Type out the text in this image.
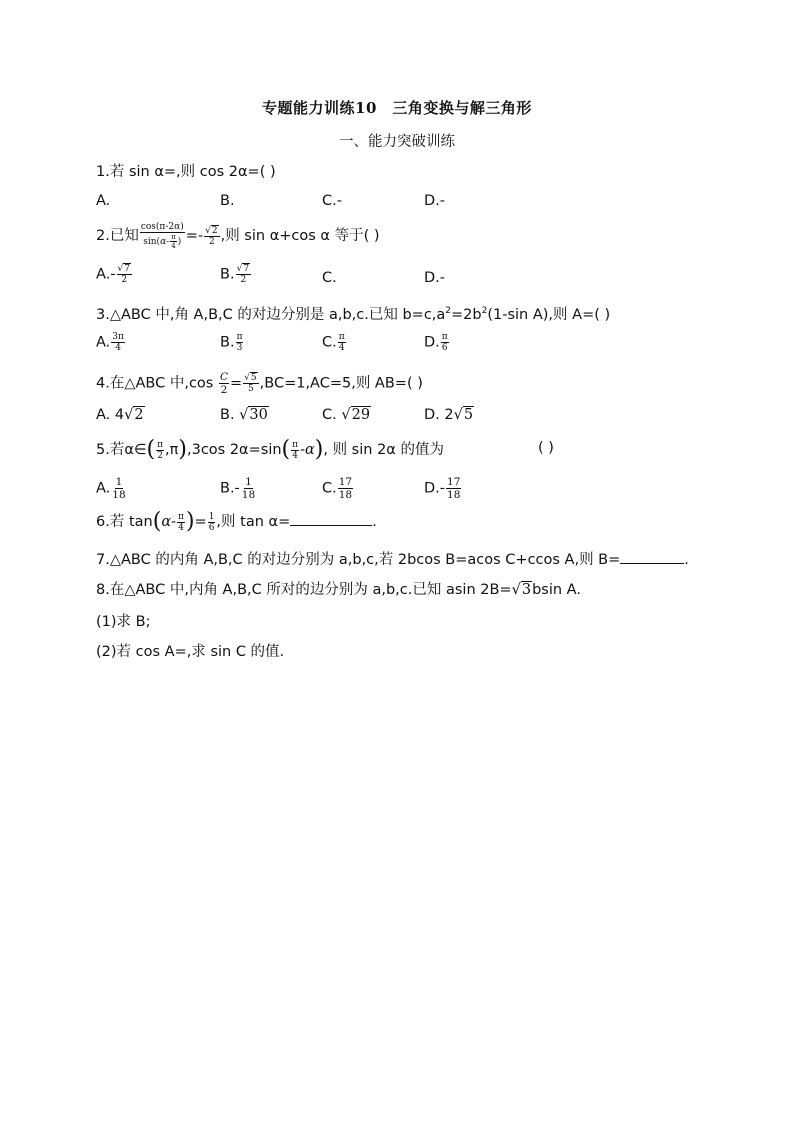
专题能力训练10　三角变换与解三角形
一、能力突破训练
1.若 sin α=,则 cos 2α=( )
A.	B.	C.-	D.-
2.已知 $\frac{\cos(\pi-2\alpha)}{\sin(\alpha- \frac{\pi}{4} )} =- \frac{√2}{2}$ ,则 sin α+cos α 等于( )
$A.- \frac{√7}{2}$	B. $\frac{√7}{2}$	C.	D.-
3.△ABC 中,角 A,B,C 的对边分别是 a,b,c.已知 $b=c,a^2=2b^2(1-\sin$ A),则 A=( )
A. $\frac{3\pi}{4}$	B. $\frac{\pi}{3}$	C. $\frac{\pi}{4}$	D. $\frac{\pi}{6}$
4.在△ABC 中$,\cos \frac{C}{2} = \frac{√5}{5} ,BC=1,AC=5$,则 AB=( )
A. 4√2	B. √30	C. √29	D. 2√5
5.若α∈( $\frac{\pi}{2} ,\pi),3\cos$ $2\alpha=\sin( \frac{\pi}{4} -\alpha)$, 则 sin 2α 的值为	( )
A. $\frac{1}{18}$	$B.- \frac{1}{18}$	C. $\frac{17}{18}$	$D.- \frac{17}{18}$
6.若 $\tan(\alpha- \frac{\pi}{4}$ )= $\frac{1}{6}$ ,则 tan α=	.
7.△ABC 的内角 A,B,C 的对边分别为 a,b,c,若 2bcos B=acos C+ccos A,则 B=	.
8.在△ABC 中,内角 A,B,C 所对的边分别为 a,b,c.已知 asin 2B=√3bsin A.
(1)求 B;
(2)若 cos A=,求 sin C 的值.
